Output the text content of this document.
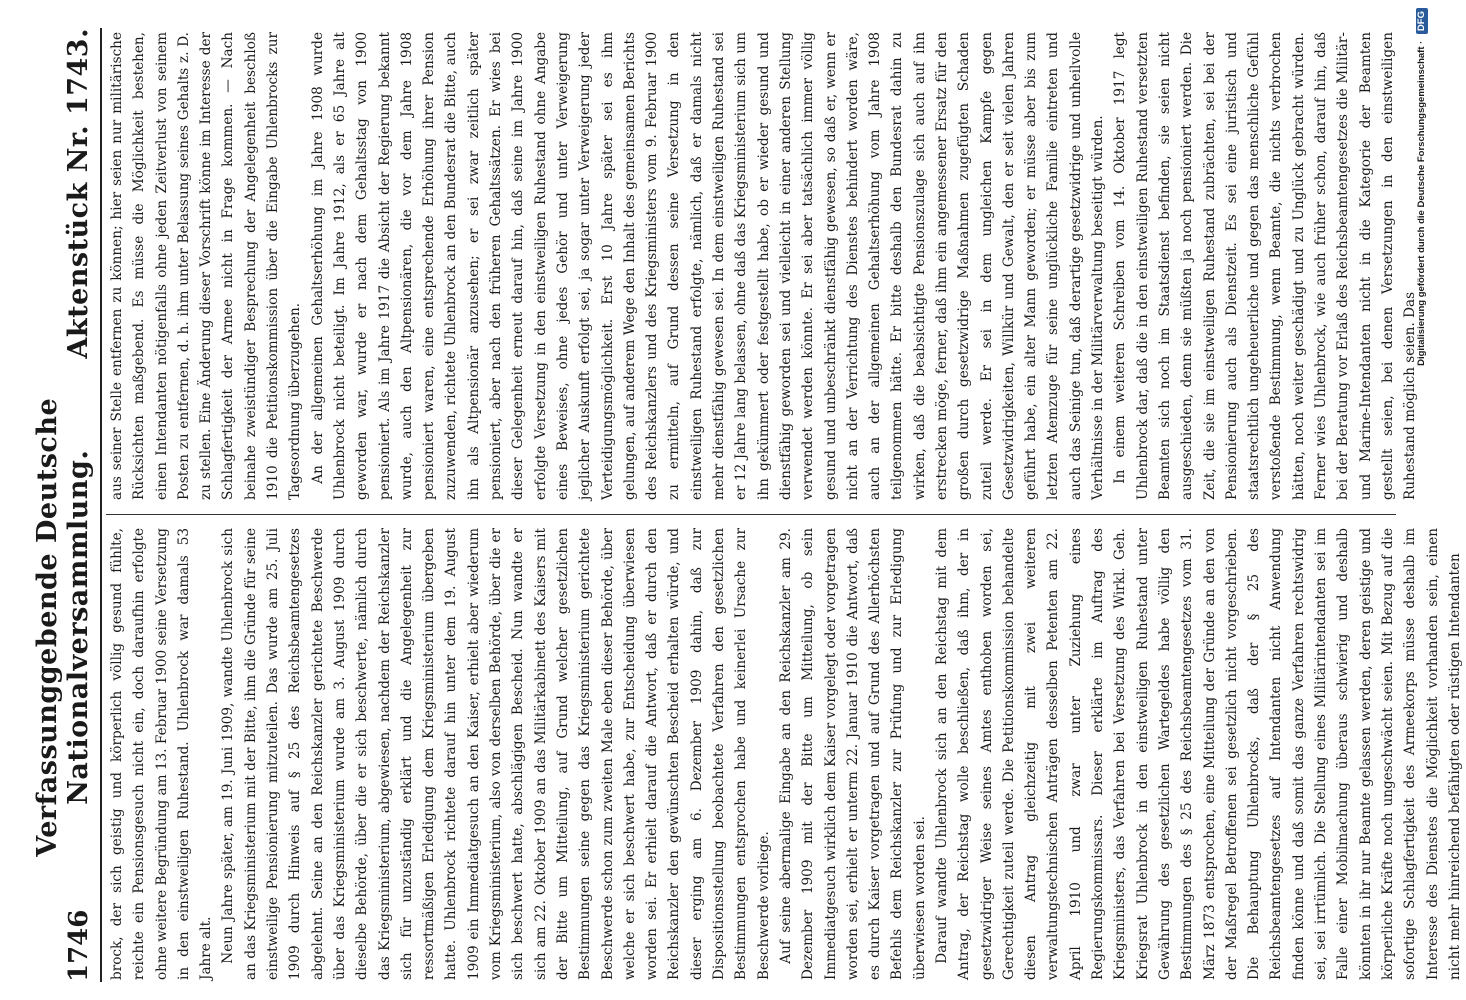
1746
Verfassunggebende Deutsche Nationalversammlung.
Aktenstück Nr. 1743.

brock, der sich geistig und körperlich völlig gesund fühlte, reichte ein Pensionsgesuch nicht ein, doch daraufhin erfolgte ohne weitere Begründung am 13. Februar 1900 seine Versetzung in den einstweiligen Ruhestand. Uhlenbrock war damals 53 Jahre alt. Neun Jahre später, am 19. Juni 1909, wandte Uhlenbrock sich an das Kriegsministerium mit der Bitte, ihm die Gründe für seine einstweilige Pensionierung mitzuteilen. Das wurde am 25. Juli 1909 durch Hinweis auf § 25 des Reichsbeamtengesetzes abgelehnt. Seine an den Reichskanzler gerichtete Beschwerde über das Kriegsministerium wurde am 3. August 1909 durch dieselbe Behörde, über die er sich beschwerte, nämlich durch das Kriegsministerium, abgewiesen, nachdem der Reichskanzler sich für unzuständig erklärt und die Angelegenheit zur ressortmäßigen Erledigung dem Kriegsministerium übergeben hatte. Uhlenbrock richtete darauf hin unter dem 19. August 1909 ein Immediatgesuch an den Kaiser, erhielt aber wiederum vom Kriegsministerium, also von derselben Behörde, über die er sich beschwert hatte, abschlägigen Bescheid. Nun wandte er sich am 22. Oktober 1909 an das Militärkabinett des Kaisers mit der Bitte um Mitteilung, auf Grund welcher gesetzlichen Bestimmungen seine gegen das Kriegsministerium gerichtete Beschwerde schon zum zweiten Male eben dieser Behörde, über welche er sich beschwert habe, zur Entscheidung überwiesen worden sei. Er erhielt darauf die Antwort, daß er durch den Reichskanzler den gewünschten Bescheid erhalten würde, und dieser erging am 6. Dezember 1909 dahin, daß zur Dispositionsstellung beobachtete Verfahren den gesetzlichen Bestimmungen entsprochen habe und keinerlei Ursache zur Beschwerde vorliege. Auf seine abermalige Eingabe an den Reichskanzler am 29. Dezember 1909 mit der Bitte um Mitteilung, ob sein Immediatgesuch wirklich dem Kaiser vorgelegt oder vorgetragen worden sei, erhielt er unterm 22. Januar 1910 die Antwort, daß es durch Kaiser vorgetragen und auf Grund des Allerhöchsten Befehls dem Reichskanzler zur Prüfung und zur Erledigung überwiesen worden sei. Darauf wandte Uhlenbrock sich an den Reichstag mit dem Antrag, der Reichstag wolle beschließen, daß ihm, der in gesetzwidriger Weise seines Amtes enthoben worden sei, Gerechtigkeit zuteil werde. Die Petitionskommission behandelte diesen Antrag gleichzeitig mit zwei weiteren verwaltungstechnischen Anträgen desselben Petenten am 22. April 1910 und zwar unter Zuziehung eines Regierungskommissars. Dieser erklärte im Auftrag des Kriegsministers, das Verfahren bei Versetzung des Wirkl. Geh. Kriegsrat Uhlenbrock in den einstweiligen Ruhestand unter Gewährung des gesetzlichen Wartegeldes habe völlig den Bestimmungen des § 25 des Reichsbeamtengesetzes vom 31. März 1873 entsprochen, eine Mitteilung der Gründe an den von der Maßregel Betroffenen sei gesetzlich nicht vorgeschrieben. Die Behauptung Uhlenbrocks, daß der § 25 des Reichsbeamtengesetzes auf Intendanten nicht Anwendung finden könne und daß somit das ganze Verfahren rechtswidrig sei, sei irrtümlich. Die Stellung eines Militärintendanten sei im Falle einer Mobilmachung überaus schwierig und deshalb könnten in ihr nur Beamte gelassen werden, deren geistige und körperliche Kräfte noch ungeschwächt seien. Mit Bezug auf die sofortige Schlagfertigkeit des Armeekorps müsse deshalb im Interesse des Dienstes die Möglichkeit vorhanden sein, einen nicht mehr hinreichend befähigten oder rüstigen Intendanten

aus seiner Stelle entfernen zu können; hier seien nur militärische Rücksichten maßgebend. Es müsse die Möglichkeit bestehen, einen Intendanten nötigenfalls ohne jeden Zeitverlust von seinem Posten zu entfernen, d. h. ihm unter Belassung seines Gehalts z. D. zu stellen. Eine Änderung dieser Vorschrift könne im Interesse der Schlagfertigkeit der Armee nicht in Frage kommen. — Nach beinahe zweistündiger Besprechung der Angelegenheit beschloß 1910 die Petitionskommission über die Eingabe Uhlenbrocks zur Tagesordnung überzugehen. An der allgemeinen Gehaltserhöhung im Jahre 1908 wurde Uhlenbrock nicht beteiligt. Im Jahre 1912, als er 65 Jahre alt geworden war, wurde er nach dem Gehaltsstag von 1900 pensioniert. Als im Jahre 1917 die Absicht der Regierung bekannt wurde, auch den Altpensionären, die vor dem Jahre 1908 pensioniert waren, eine entsprechende Erhöhung ihrer Pension zuzuwenden, richtete Uhlenbrock an den Bundesrat die Bitte, auch ihn als Altpensionär anzusehen; er sei zwar zeitlich später pensioniert, aber nach den früheren Gehaltssätzen. Er wies bei dieser Gelegenheit erneut darauf hin, daß seine im Jahre 1900 erfolgte Versetzung in den einstweiligen Ruhestand ohne Angabe eines Beweises, ohne jedes Gehör und unter Verweigerung jeglicher Auskunft erfolgt sei, ja sogar unter Verweigerung jeder Verteidigungsmöglichkeit. Erst 10 Jahre später sei es ihm gelungen, auf anderem Wege den Inhalt des gemeinsamen Berichts des Reichskanzlers und des Kriegsministers vom 9. Februar 1900 zu ermitteln, auf Grund dessen seine Versetzung in den einstweiligen Ruhestand erfolgte, nämlich, daß er damals nicht mehr dienstfähig gewesen sei. In dem einstweiligen Ruhestand sei er 12 Jahre lang belassen, ohne daß das Kriegsministerium sich um ihn gekümmert oder festgestellt habe, ob er wieder gesund und dienstfähig geworden sei und vielleicht in einer anderen Stellung verwendet werden könnte. Er sei aber tatsächlich immer völlig gesund und unbeschränkt dienstfähig gewesen, so daß er, wenn er nicht an der Verrichtung des Dienstes behindert worden wäre, auch an der allgemeinen Gehaltserhöhung vom Jahre 1908 teilgenommen hätte. Er bitte deshalb den Bundesrat dahin zu wirken, daß die beabsichtigte Pensionszulage sich auch auf ihn erstrecken möge, ferner, daß ihm ein angemessener Ersatz für den großen durch gesetzwidrige Maßnahmen zugefügten Schaden zuteil werde. Er sei in dem ungleichen Kampfe gegen Gesetzwidrigkeiten, Willkür und Gewalt, den er seit vielen Jahren geführt habe, ein alter Mann geworden; er müsse aber bis zum letzten Atemzuge für seine unglückliche Familie eintreten und auch das Seinige tun, daß derartige gesetzwidrige und unheilvolle Verhältnisse in der Militärverwaltung beseitigt würden. In einem weiteren Schreiben vom 14. Oktober 1917 legt Uhlenbrock dar, daß die in den einstweiligen Ruhestand versetzten Beamten sich noch im Staatsdienst befinden, sie seien nicht ausgeschieden, denn sie müßten ja noch pensioniert werden. Die Zeit, die sie im einstweiligen Ruhestand zubrächten, sei bei der Pensionierung auch als Dienstzeit. Es sei eine juristisch und staatsrechtlich ungeheuerliche und gegen das menschliche Gefühl verstoßende Bestimmung, wenn Beamte, die nichts verbrochen hätten, noch weiter geschädigt und zu Unglück gebracht würden. Ferner wies Uhlenbrock, wie auch früher schon, darauf hin, daß bei der Beratung vor Erlaß des Reichsbeamtengesetzes die Militär- und Marine-Intendanten nicht in die Kategorie der Beamten gestellt seien, bei denen Versetzungen in den einstweiligen Ruhestand möglich seien. Das

Digitalisierung gefördert durch die Deutsche Forschungsgemeinschaft · DFG
